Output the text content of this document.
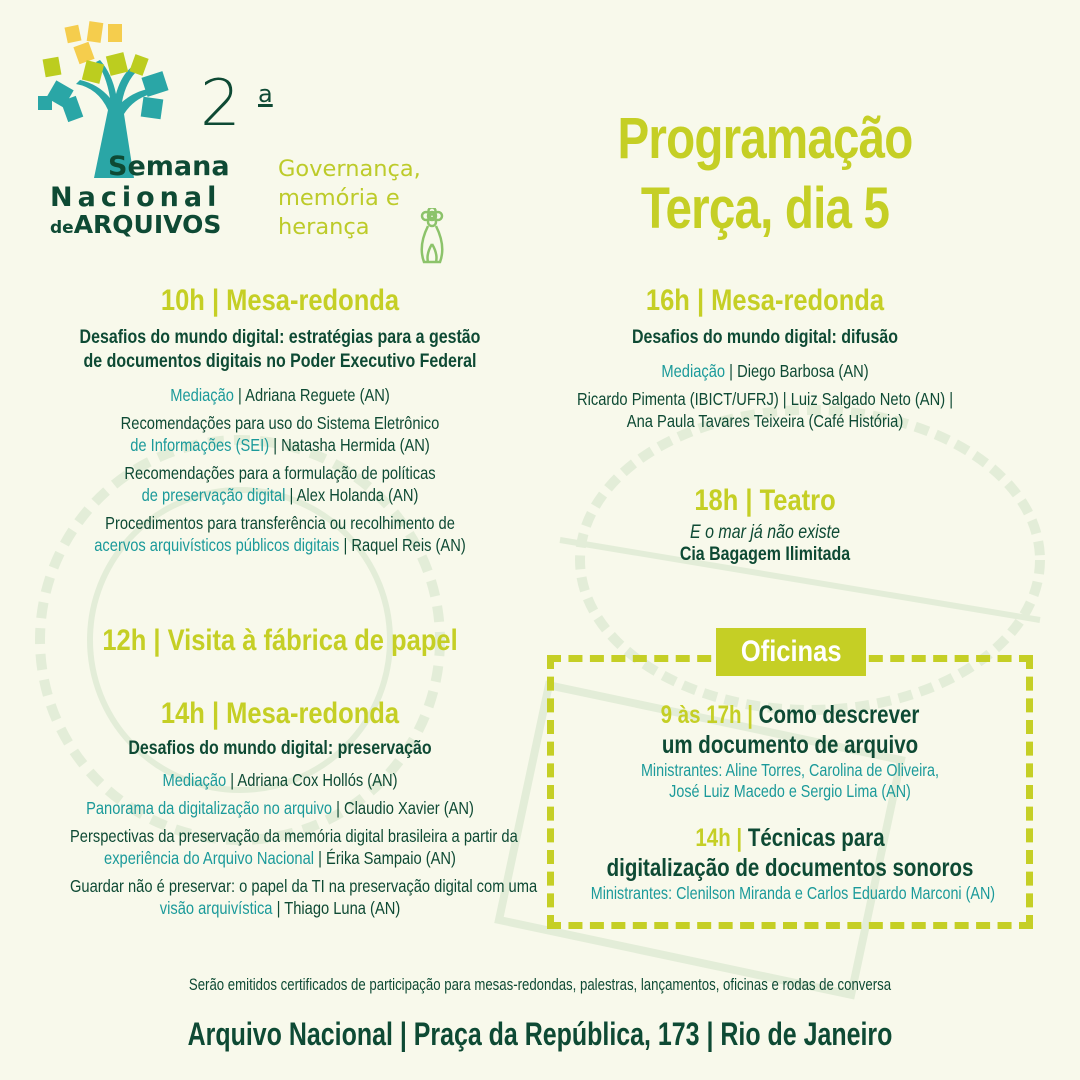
2 a
Semana
Nacional
deARQUIVOS
Governança,
memória e
herança
Programação
Terça, dia 5
10h | Mesa-redonda
Desafios do mundo digital: estratégias para a gestão
de documentos digitais no Poder Executivo Federal
Mediação | Adriana Reguete (AN)
Recomendações para uso do Sistema Eletrônico
de Informações (SEI) | Natasha Hermida (AN)
Recomendações para a formulação de políticas
de preservação digital | Alex Holanda (AN)
Procedimentos para transferência ou recolhimento de
acervos arquivísticos públicos digitais | Raquel Reis (AN)
12h | Visita à fábrica de papel
14h | Mesa-redonda
Desafios do mundo digital: preservação
Mediação | Adriana Cox Hollós (AN)
Panorama da digitalização no arquivo | Claudio Xavier (AN)
Perspectivas da preservação da memória digital brasileira a partir da
experiência do Arquivo Nacional | Érika Sampaio (AN)
Guardar não é preservar: o papel da TI na preservação digital com uma
visão arquivística | Thiago Luna (AN)
16h | Mesa-redonda
Desafios do mundo digital: difusão
Mediação | Diego Barbosa (AN)
Ricardo Pimenta (IBICT/UFRJ) | Luiz Salgado Neto (AN) |
Ana Paula Tavares Teixeira (Café História)
18h | Teatro
E o mar já não existe
Cia Bagagem Ilimitada
Oficinas
9 às 17h | Como descrever
um documento de arquivo
Ministrantes: Aline Torres, Carolina de Oliveira,
José Luiz Macedo e Sergio Lima (AN)
14h | Técnicas para
digitalização de documentos sonoros
Ministrantes: Clenilson Miranda e Carlos Eduardo Marconi (AN)
Serão emitidos certificados de participação para mesas-redondas, palestras, lançamentos, oficinas e rodas de conversa
Arquivo Nacional | Praça da República, 173 | Rio de Janeiro
